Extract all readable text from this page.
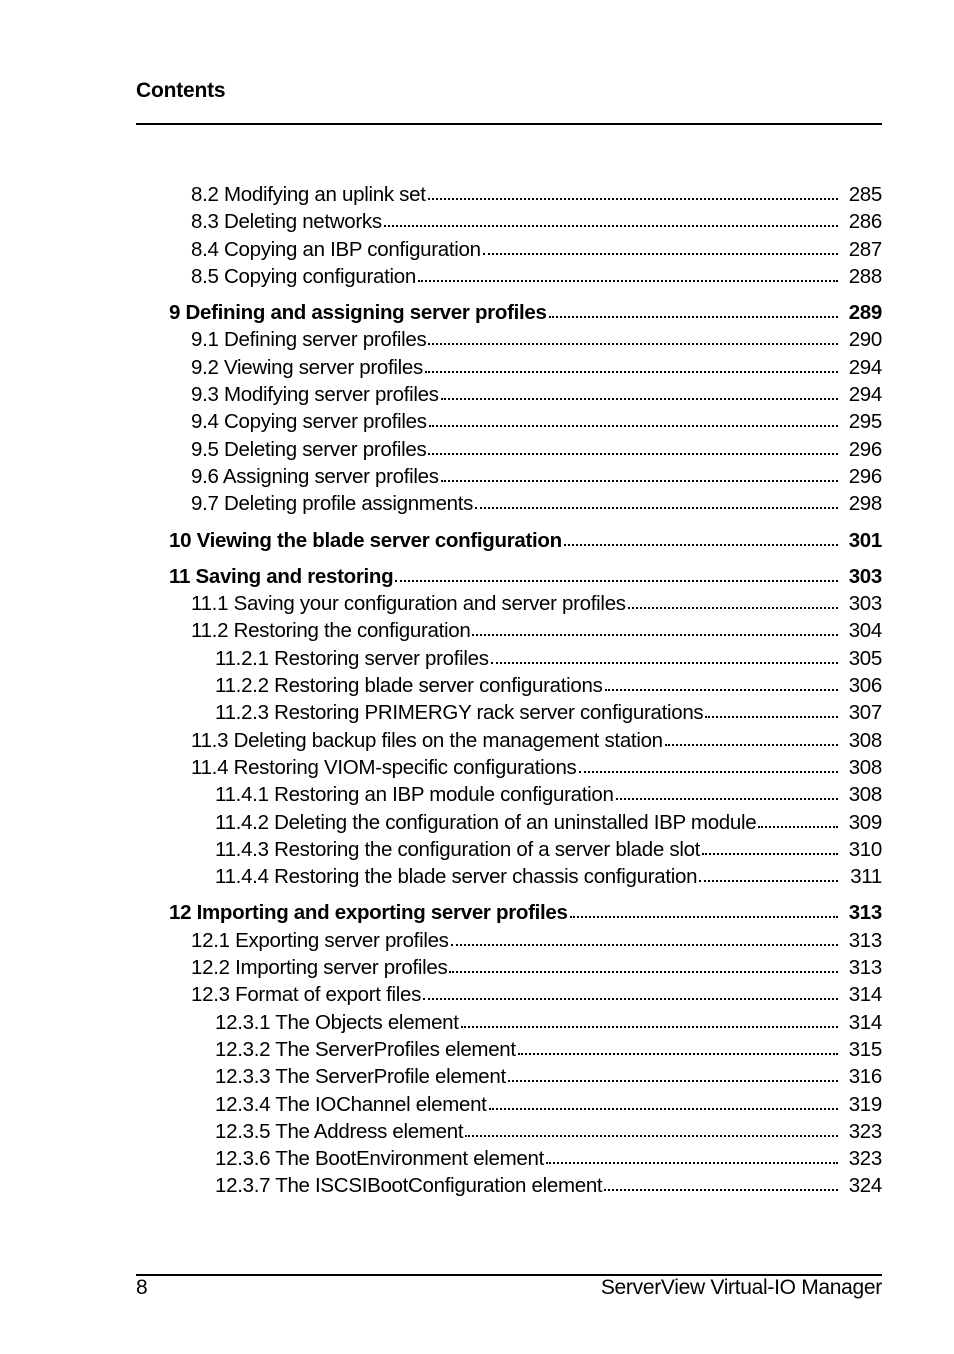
Contents
8.2 Modifying an uplink set	285
8.3 Deleting networks	286
8.4 Copying an IBP configuration	287
8.5 Copying configuration	288
9 Defining and assigning server profiles	289
9.1 Defining server profiles	290
9.2 Viewing server profiles	294
9.3 Modifying server profiles	294
9.4 Copying server profiles	295
9.5 Deleting server profiles	296
9.6 Assigning server profiles	296
9.7 Deleting profile assignments	298
10 Viewing the blade server configuration	301
11 Saving and restoring	303
11.1 Saving your configuration and server profiles	303
11.2 Restoring the configuration	304
11.2.1 Restoring server profiles	305
11.2.2 Restoring blade server configurations	306
11.2.3 Restoring PRIMERGY rack server configurations	307
11.3 Deleting backup files on the management station	308
11.4 Restoring VIOM-specific configurations	308
11.4.1 Restoring an IBP module configuration	308
11.4.2 Deleting the configuration of an uninstalled IBP module	309
11.4.3 Restoring the configuration of a server blade slot	310
11.4.4 Restoring the blade server chassis configuration	311
12 Importing and exporting server profiles	313
12.1 Exporting server profiles	313
12.2 Importing server profiles	313
12.3 Format of export files	314
12.3.1 The Objects element	314
12.3.2 The ServerProfiles element	315
12.3.3 The ServerProfile element	316
12.3.4 The IOChannel element	319
12.3.5 The Address element	323
12.3.6 The BootEnvironment element	323
12.3.7 The ISCSIBootConfiguration element	324
8	ServerView Virtual-IO Manager
